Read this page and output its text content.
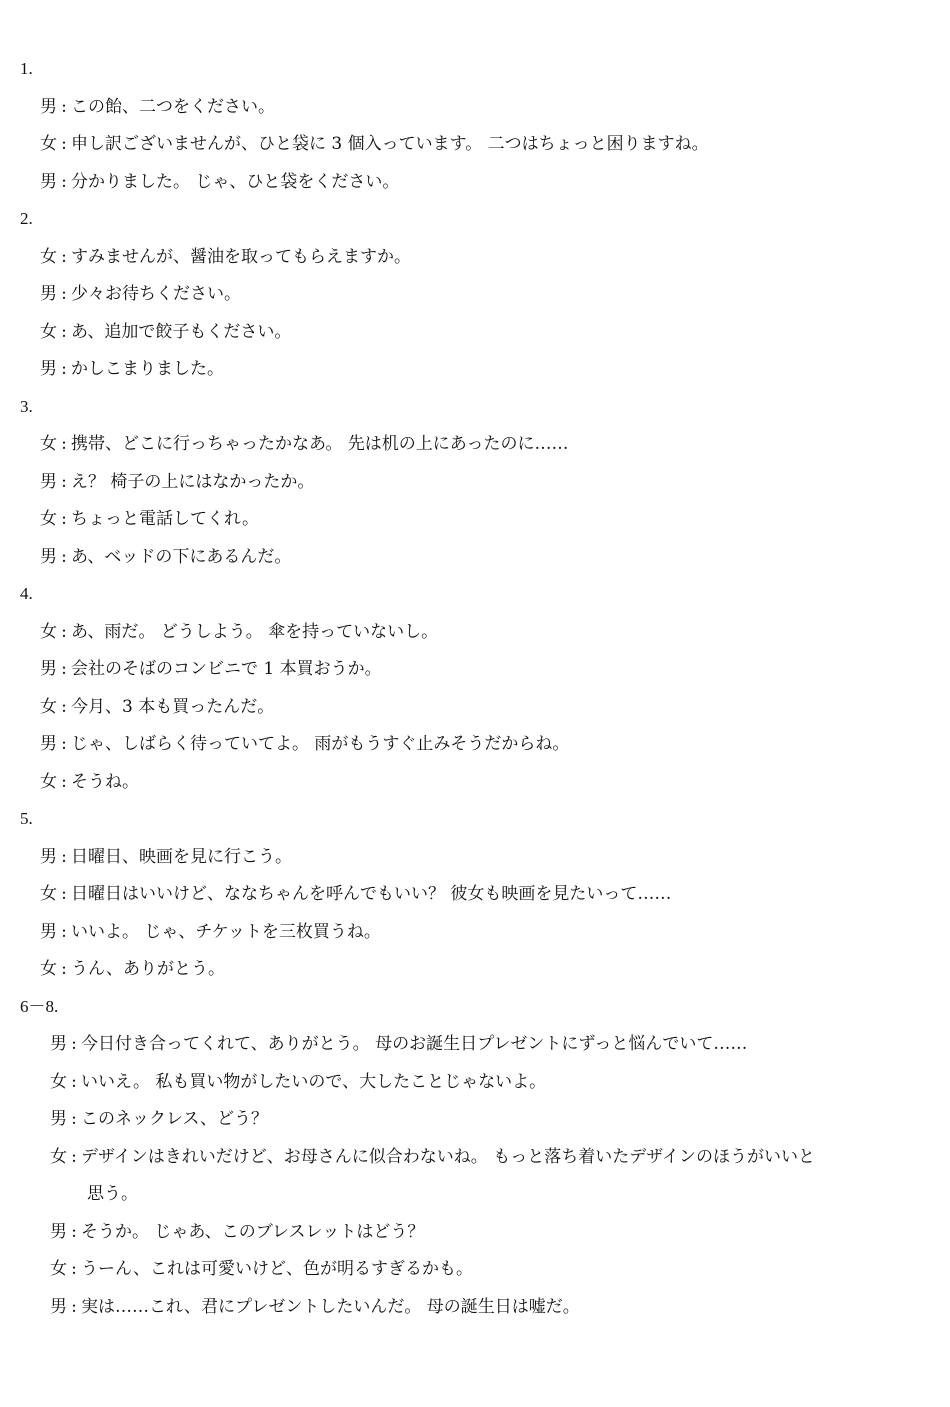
1.
男 : この飴、二つをください。
女 : 申し訳ございませんが、ひと袋に 3 個入っています。 二つはちょっと困りますね。
男 : 分かりました。 じゃ、ひと袋をください。
2.
女 : すみませんが、醤油を取ってもらえますか。
男 : 少々お待ちください。
女 : あ、追加で餃子もください。
男 : かしこまりました。
3.
女 : 携帯、どこに行っちゃったかなあ。 先は机の上にあったのに……
男 : え？ 椅子の上にはなかったか。
女 : ちょっと電話してくれ。
男 : あ、ベッドの下にあるんだ。
4.
女 : あ、雨だ。 どうしよう。 傘を持っていないし。
男 : 会社のそばのコンビニで 1 本買おうか。
女 : 今月、3 本も買ったんだ。
男 : じゃ、しばらく待っていてよ。 雨がもうすぐ止みそうだからね。
女 : そうね。
5.
男 : 日曜日、映画を見に行こう。
女 : 日曜日はいいけど、ななちゃんを呼んでもいい？ 彼女も映画を見たいって……
男 : いいよ。 じゃ、チケットを三枚買うね。
女 : うん、ありがとう。
6－8.
男 : 今日付き合ってくれて、ありがとう。 母のお誕生日プレゼントにずっと悩んでいて……
女 : いいえ。 私も買い物がしたいので、大したことじゃないよ。
男 : このネックレス、どう？
女 : デザインはきれいだけど、お母さんに似合わないね。 もっと落ち着いたデザインのほうがいいと
思う。
男 : そうか。 じゃあ、このブレスレットはどう？
女 : うーん、これは可愛いけど、色が明るすぎるかも。
男 : 実は……これ、君にプレゼントしたいんだ。 母の誕生日は嘘だ。
